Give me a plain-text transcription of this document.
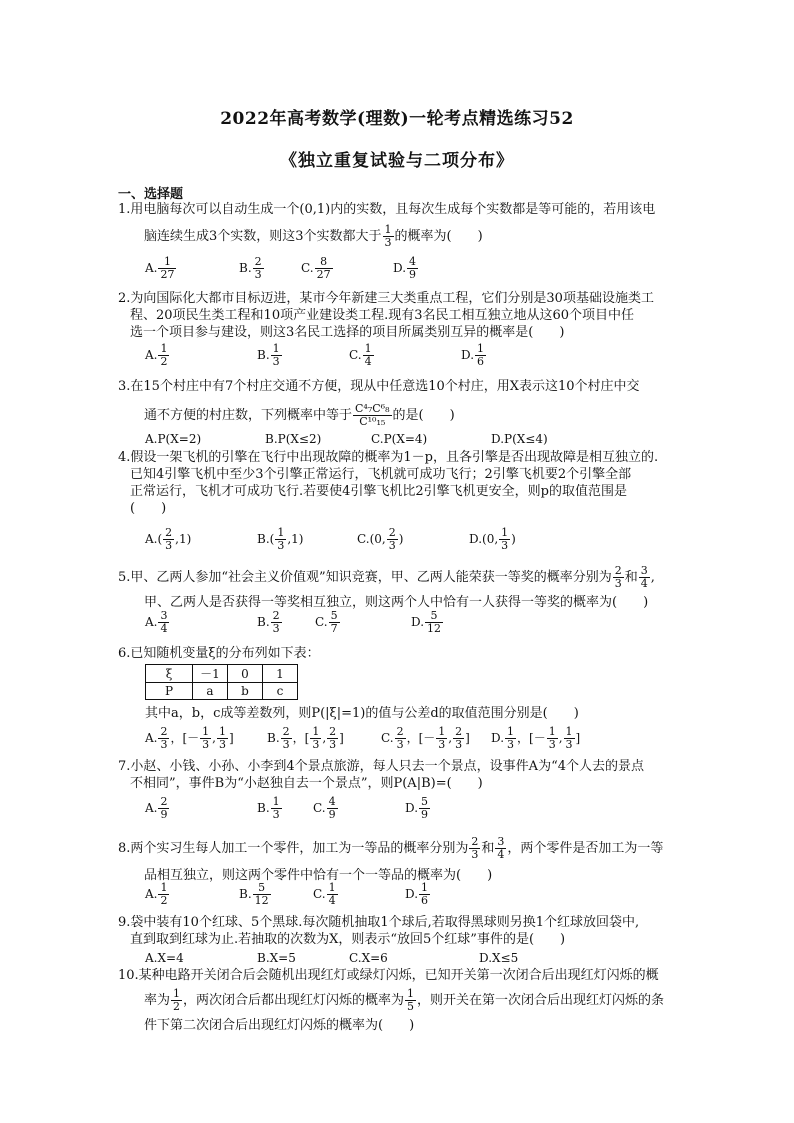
2022年高考数学(理数)一轮考点精选练习52
《独立重复试验与二项分布》
一、选择题
1.用电脑每次可以自动生成一个(0,1)内的实数，且每次生成每个实数都是等可能的，若用该电
脑连续生成3个实数，则这3个实数都大于 $\frac{1}{3}$ 的概率为(　　)
A. $\frac{1}{27}$	B. $\frac{2}{3}$	C. $\frac{8}{27}$	D. $\frac{4}{9}$
2.为向国际化大都市目标迈进，某市今年新建三大类重点工程，它们分别是30项基础设施类工
程、20项民生类工程和10项产业建设类工程.现有3名民工相互独立地从这60个项目中任
选一个项目参与建设，则这3名民工选择的项目所属类别互异的概率是(　　)
A. $\frac{1}{2}$	B. $\frac{1}{3}$	C. $\frac{1}{4}$	D. $\frac{1}{6}$
3.在15个村庄中有7个村庄交通不方便，现从中任意选10个村庄，用X表示这10个村庄中交
通不方便的村庄数，下列概率中等于 $\frac{\text{C⁴₇C⁶₈}}{\text{C¹⁰₁₅}}$ 的是(　　)
A.P(X=2)	B.P(X≤2)	C.P(X=4)	D.P(X≤4)
4.假设一架飞机的引擎在飞行中出现故障的概率为1－p，且各引擎是否出现故障是相互独立的.
已知4引擎飞机中至少3个引擎正常运行，飞机就可成功飞行；2引擎飞机要2个引擎全部
正常运行，飞机才可成功飞行.若要使4引擎飞机比2引擎飞机更安全，则p的取值范围是
(　　)
$A.( \frac{2}{3} ,1)$	$B.( \frac{1}{3} ,1)$	C.(0, $\frac{2}{3}$ )	D.(0, $\frac{1}{3}$ )
5.甲、乙两人参加“社会主义价值观”知识竞赛，甲、乙两人能荣获一等奖的概率分别为 $\frac{2}{3}$ 和 $\frac{3}{4}$ ,
甲、乙两人是否获得一等奖相互独立，则这两个人中恰有一人获得一等奖的概率为(　　)
A. $\frac{3}{4}$	B. $\frac{2}{3}$	C. $\frac{5}{7}$	D. $\frac{5}{12}$
6.已知随机变量ξ的分布列如下表：
ξ	－1	0	1
P	a	b	c
其中a，b，c成等差数列，则P(|ξ|=1)的值与公差d的取值范围分别是(　　)
A. $\frac{2}{3}$ ，[－ $\frac{1}{3}$ , $\frac{1}{3}$ ]	B. $\frac{2}{3}$ ，[ $\frac{1}{3}$ , $\frac{2}{3}$ ]	C. $\frac{2}{3}$ ，[－ $\frac{1}{3}$ , $\frac{2}{3}$ ] D. $\frac{1}{3}$ ，[－ $\frac{1}{3}$ , $\frac{1}{3}$ ]
7.小赵、小钱、小孙、小李到4个景点旅游，每人只去一个景点，设事件A为“4个人去的景点
不相同”，事件B为“小赵独自去一个景点”，则P(A|B)=(　　)
A. $\frac{2}{9}$	B. $\frac{1}{3}$	C. $\frac{4}{9}$	D. $\frac{5}{9}$
8.两个实习生每人加工一个零件，加工为一等品的概率分别为 $\frac{2}{3}$ 和 $\frac{3}{4}$ ，两个零件是否加工为一等
品相互独立，则这两个零件中恰有一个一等品的概率为(　　)
A. $\frac{1}{2}$	B. $\frac{5}{12}$	C. $\frac{1}{4}$	D. $\frac{1}{6}$
9.袋中装有10个红球、5个黑球.每次随机抽取1个球后,若取得黑球则另换1个红球放回袋中,
直到取到红球为止.若抽取的次数为X，则表示“放回5个红球”事件的是(　　)
A.X=4	B.X=5	C.X=6	D.X≤5
10.某种电路开关闭合后会随机出现红灯或绿灯闪烁，已知开关第一次闭合后出现红灯闪烁的概
率为 $\frac{1}{2}$ ，两次闭合后都出现红灯闪烁的概率为 $\frac{1}{5}$ ，则开关在第一次闭合后出现红灯闪烁的条
件下第二次闭合后出现红灯闪烁的概率为(　　)
